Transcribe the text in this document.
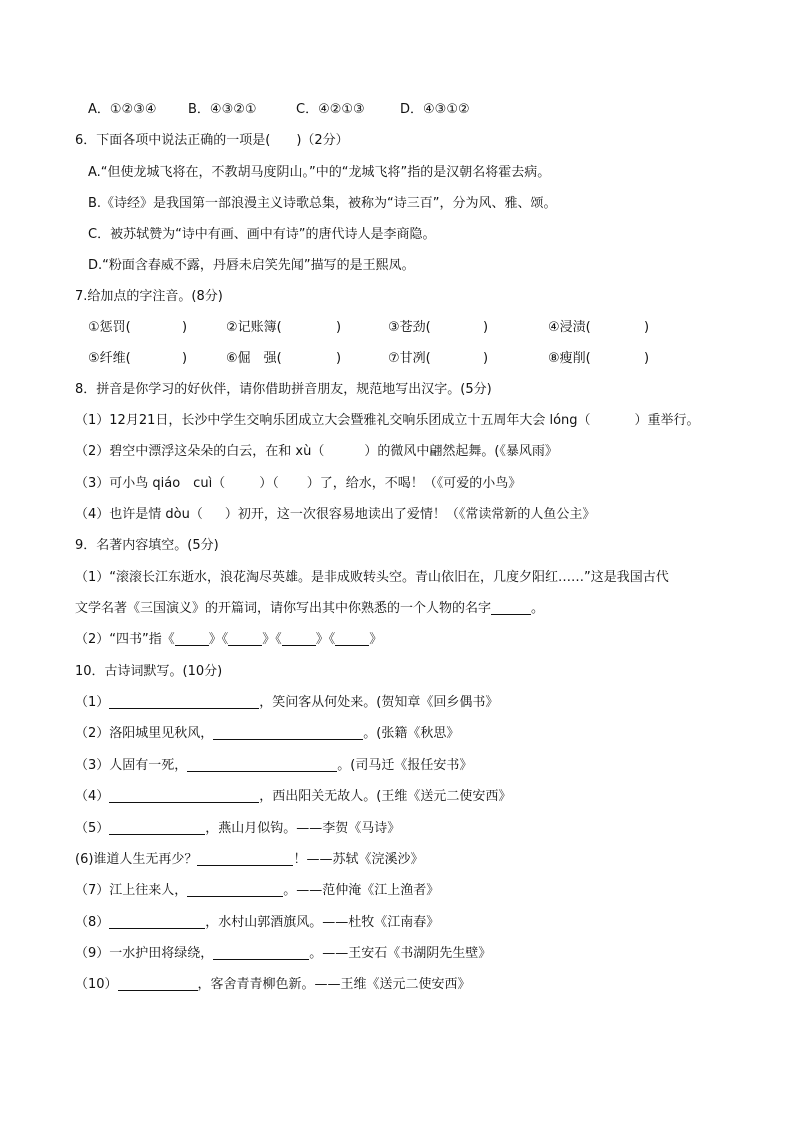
A．①②③④ B．④③②①	C．④②①③	D．④③①②
6．下面各项中说法正确的一项是(　　)（2分）
A.“但使龙城飞将在，不教胡马度阴山。”中的“龙城飞将”指的是汉朝名将霍去病。
B.《诗经》是我国第一部浪漫主义诗歌总集，被称为“诗三百”，分为风、雅、颂。
C．被苏轼赞为“诗中有画、画中有诗”的唐代诗人是李商隐。
D.“粉面含春威不露，丹唇未启笑先闻”描写的是王熙凤。
7.给加点的字注音。(8分)
①惩罚(	)	②记账簿(	)	③苍劲(	)	④浸渍(	)
⑤纤维(	)	⑥倔　强(	)	⑦甘冽(	)	⑧瘦削(	)
8．拼音是你学习的好伙伴，请你借助拼音朋友，规范地写出汉字。(5分)
（1）12月21日，长沙中学生交响乐团成立大会暨雅礼交响乐团成立十五周年大会 lóng（	）重举行。
（2）碧空中漂浮这朵朵的白云，在和 xù（	）的微风中翩然起舞。(《暴风雨》
（3）可小鸟 qiáo　cuì（	）（ ）了，给水，不喝！（《可爱的小鸟》
（4）也许是情 dòu（ ）初开，这一次很容易地读出了爱情！（《常读常新的人鱼公主》
9．名著内容填空。(5分)
（1）“滚滚长江东逝水，浪花淘尽英雄。是非成败转头空。青山依旧在，几度夕阳红……”这是我国古代
文学名著《三国演义》的开篇词，请你写出其中你熟悉的一个人物的名字	。
（2）“四书”指《	》《	》《	》《	》
10．古诗词默写。(10分)
（1）	，笑问客从何处来。(贺知章《回乡偶书》
（2）洛阳城里见秋风，	。(张籍《秋思》
（3）人固有一死，	。(司马迁《报任安书》
（4）	，西出阳关无故人。(王维《送元二使安西》
（5）	，燕山月似钩。——李贺《马诗》
(6)谁道人生无再少？	！——苏轼《浣溪沙》
（7）江上往来人，	。——范仲淹《江上渔者》
（8）	，水村山郭酒旗风。——杜牧《江南春》
（9）一水护田将绿绕，	。——王安石《书湖阴先生壁》
（10）	，客舍青青柳色新。——王维《送元二使安西》
